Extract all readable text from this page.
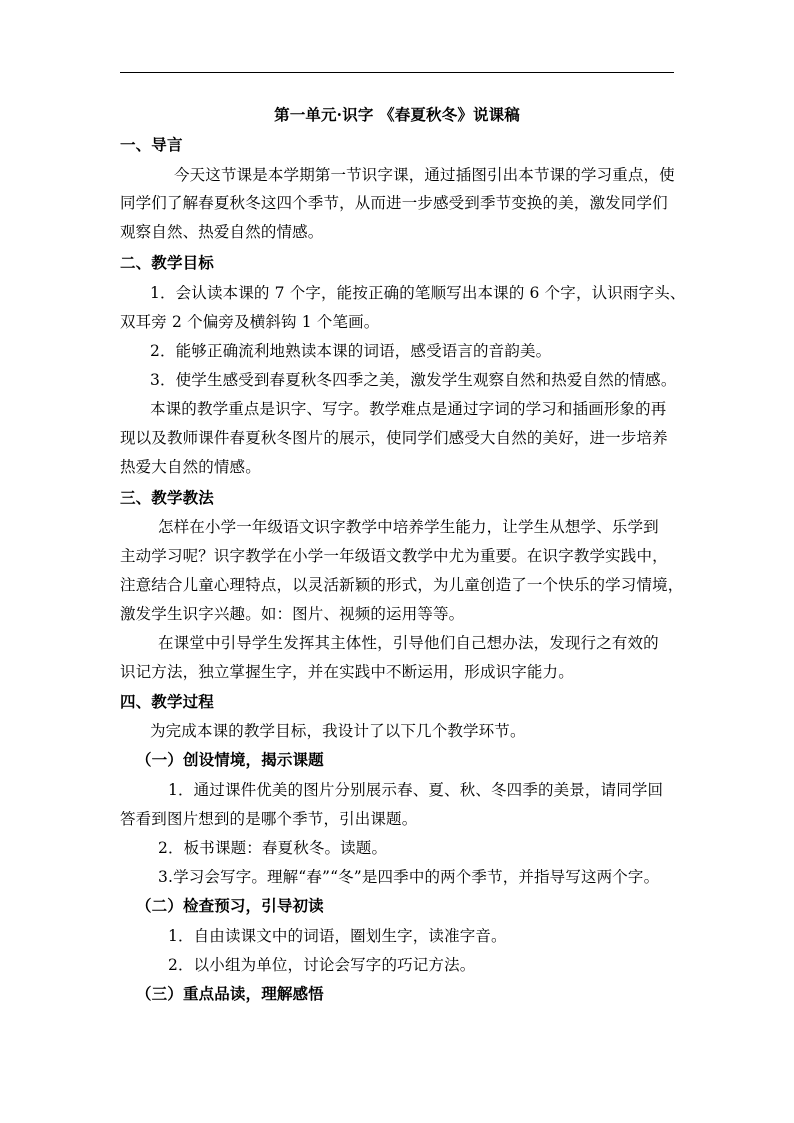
第一单元·识字 《春夏秋冬》说课稿
一、导言
今天这节课是本学期第一节识字课，通过插图引出本节课的学习重点，使
同学们了解春夏秋冬这四个季节，从而进一步感受到季节变换的美，激发同学们
观察自然、热爱自然的情感。
二、教学目标
1．会认读本课的 7 个字，能按正确的笔顺写出本课的 6 个字，认识雨字头、
双耳旁 2 个偏旁及横斜钩 1 个笔画。
2．能够正确流利地熟读本课的词语，感受语言的音韵美。
3．使学生感受到春夏秋冬四季之美，激发学生观察自然和热爱自然的情感。
本课的教学重点是识字、写字。教学难点是通过字词的学习和插画形象的再
现以及教师课件春夏秋冬图片的展示，使同学们感受大自然的美好，进一步培养
热爱大自然的情感。
三、教学教法
怎样在小学一年级语文识字教学中培养学生能力，让学生从想学、乐学到
主动学习呢？识字教学在小学一年级语文教学中尤为重要。在识字教学实践中，
注意结合儿童心理特点，以灵活新颖的形式，为儿童创造了一个快乐的学习情境，
激发学生识字兴趣。如：图片、视频的运用等等。
在课堂中引导学生发挥其主体性，引导他们自己想办法，发现行之有效的
识记方法，独立掌握生字，并在实践中不断运用，形成识字能力。
四、教学过程
为完成本课的教学目标，我设计了以下几个教学环节。
（一）创设情境，揭示课题
1．通过课件优美的图片分别展示春、夏、秋、冬四季的美景，请同学回
答看到图片想到的是哪个季节，引出课题。
2．板书课题：春夏秋冬。读题。
3.学习会写字。理解“春”“冬”是四季中的两个季节，并指导写这两个字。
（二）检查预习，引导初读
1．自由读课文中的词语，圈划生字，读准字音。
2．以小组为单位，讨论会写字的巧记方法。
（三）重点品读，理解感悟
